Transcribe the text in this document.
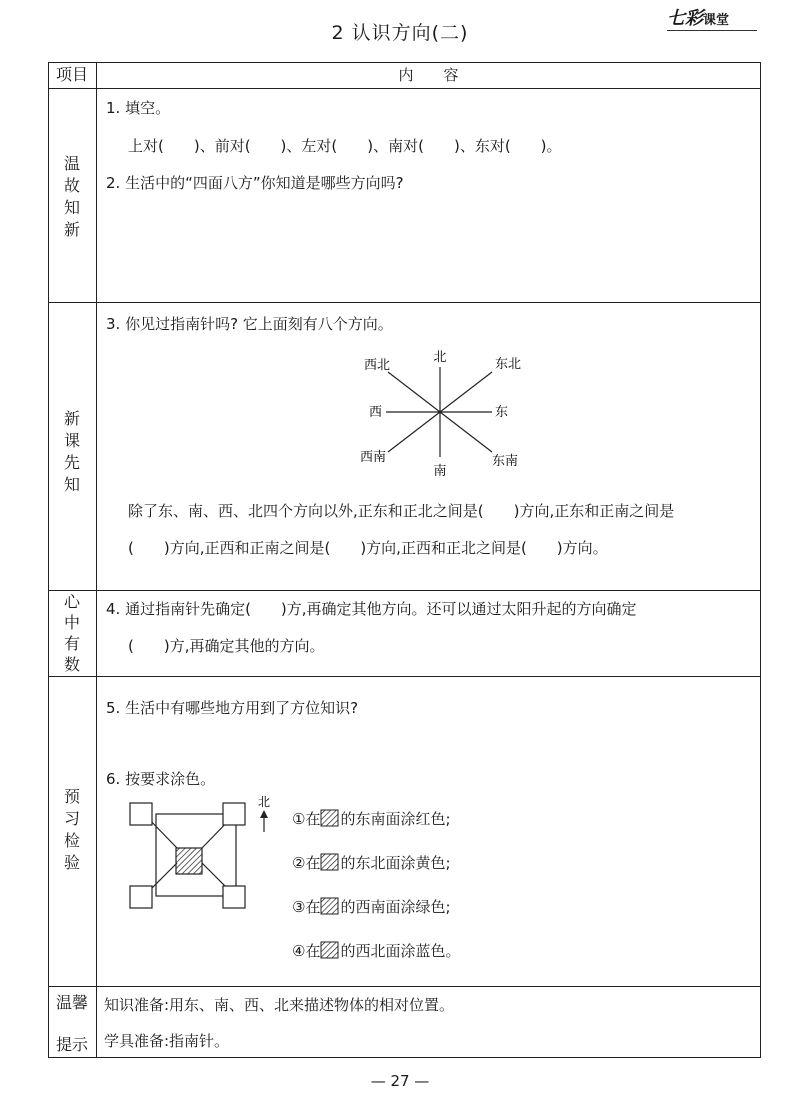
2 认识方向(二)
七彩课堂
项目	内　　容
温
故
知
新
新
课
先
知
心
中
有
数
预
习
检
验
温馨

提示
1. 填空。
上对(　　)、前对(　　)、左对(　　)、南对(　　)、东对(　　)。
2. 生活中的“四面八方”你知道是哪些方向吗?
3. 你见过指南针吗? 它上面刻有八个方向。
北	东北
东
东南
南
西南
西
西北
除了东、南、西、北四个方向以外,正东和正北之间是(　　)方向,正东和正南之间是
(　　)方向,正西和正南之间是(　　)方向,正西和正北之间是(　　)方向。
4. 通过指南针先确定(　　)方,再确定其他方向。还可以通过太阳升起的方向确定
(　　)方,再确定其他的方向。
5. 生活中有哪些地方用到了方位知识?
6. 按要求涂色。
北
①在 的东南面涂红色;
②在 的东北面涂黄色;
③在 的西南面涂绿色;
④在 的西北面涂蓝色。
知识准备:用东、南、西、北来描述物体的相对位置。
学具准备:指南针。
— 27 —
